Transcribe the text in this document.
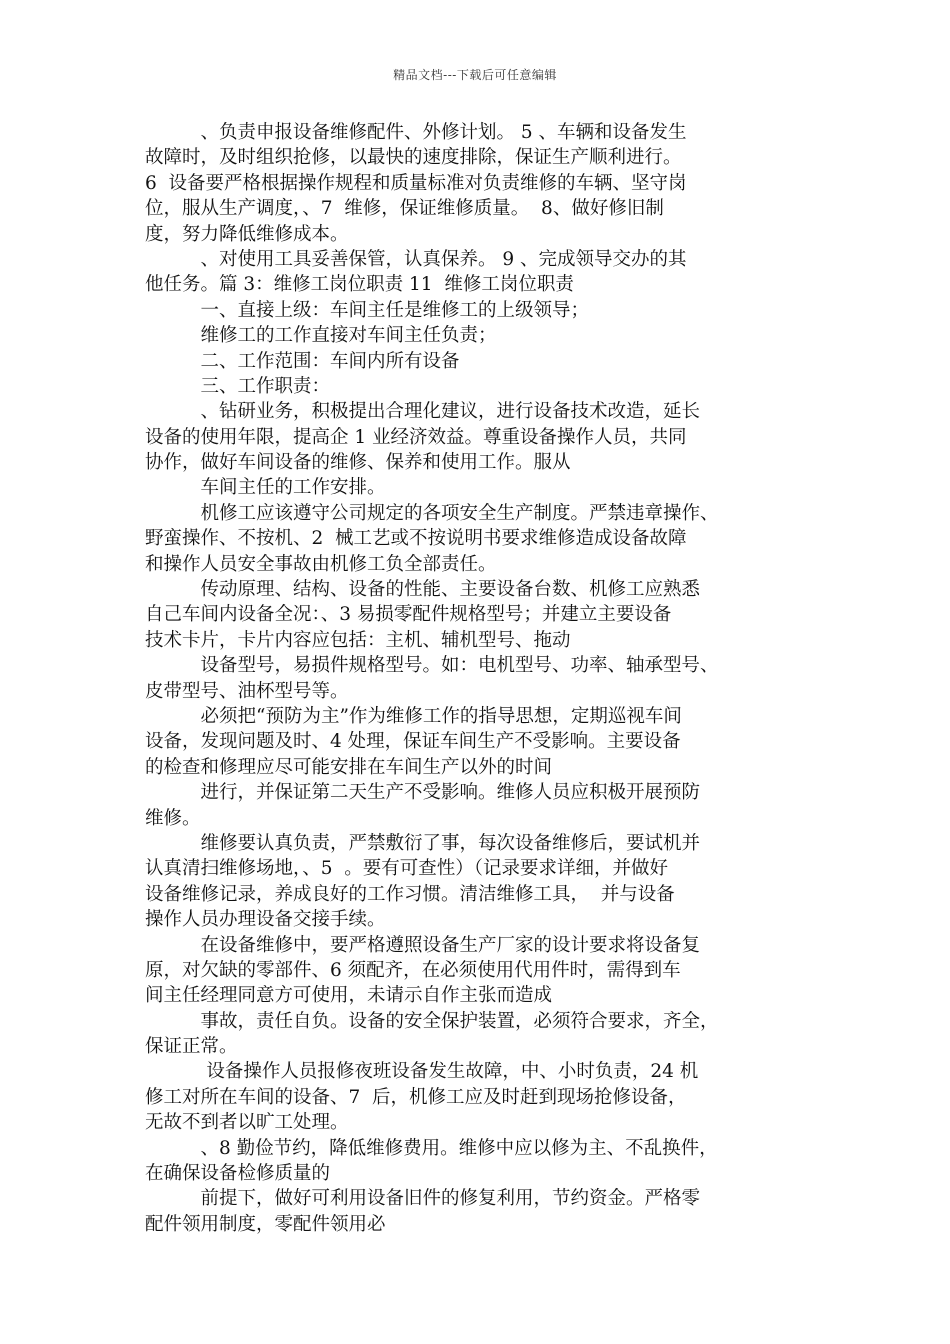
精品文档---下载后可任意编辑
　　　、负责申报设备维修配件、外修计划。 5 、车辆和设备发生
故障时，及时组织抢修，以最快的速度排除，保证生产顺利进行。
6  设备要严格根据操作规程和质量标准对负责维修的车辆、坚守岗
位，服从生产调度，、7  维修，保证维修质量。  8、做好修旧制
度，努力降低维修成本。
　　　、对使用工具妥善保管，认真保养。 9 、完成领导交办的其
他任务。篇 3：维修工岗位职责 11  维修工岗位职责
　　　一、直接上级：车间主任是维修工的上级领导；
　　　维修工的工作直接对车间主任负责；
　　　二、工作范围：车间内所有设备
　　　三、工作职责：
　　　、钻研业务，积极提出合理化建议，进行设备技术改造，延长
设备的使用年限，提高企 1 业经济效益。尊重设备操作人员，共同
协作，做好车间设备的维修、保养和使用工作。服从
　　　车间主任的工作安排。
　　　机修工应该遵守公司规定的各项安全生产制度。严禁违章操作、
野蛮操作、不按机、2  械工艺或不按说明书要求维修造成设备故障
和操作人员安全事故由机修工负全部责任。
　　　传动原理、结构、设备的性能、主要设备台数、机修工应熟悉
自己车间内设备全况：、3 易损零配件规格型号；并建立主要设备
技术卡片，卡片内容应包括：主机、辅机型号、拖动
　　　设备型号，易损件规格型号。如：电机型号、功率、轴承型号、
皮带型号、油杯型号等。
　　　必须把“预防为主”作为维修工作的指导思想，定期巡视车间
设备，发现问题及时、4 处理，保证车间生产不受影响。主要设备
的检查和修理应尽可能安排在车间生产以外的时间
　　　进行，并保证第二天生产不受影响。维修人员应积极开展预防
维修。
　　　维修要认真负责，严禁敷衍了事，每次设备维修后，要试机并
认真清扫维修场地，、5  。要有可查性）（记录要求详细，并做好
设备维修记录，养成良好的工作习惯。清洁维修工具，  并与设备
操作人员办理设备交接手续。
　　　在设备维修中，要严格遵照设备生产厂家的设计要求将设备复
原，对欠缺的零部件、6 须配齐，在必须使用代用件时，需得到车
间主任经理同意方可使用，未请示自作主张而造成
　　　事故，责任自负。设备的安全保护装置，必须符合要求，齐全，
保证正常。
　　　 设备操作人员报修夜班设备发生故障，中、小时负责，24 机
修工对所在车间的设备、7  后，机修工应及时赶到现场抢修设备，
无故不到者以旷工处理。
　　　、8 勤俭节约，降低维修费用。维修中应以修为主、不乱换件，
在确保设备检修质量的
　　　前提下，做好可利用设备旧件的修复利用，节约资金。严格零
配件领用制度，零配件领用必
